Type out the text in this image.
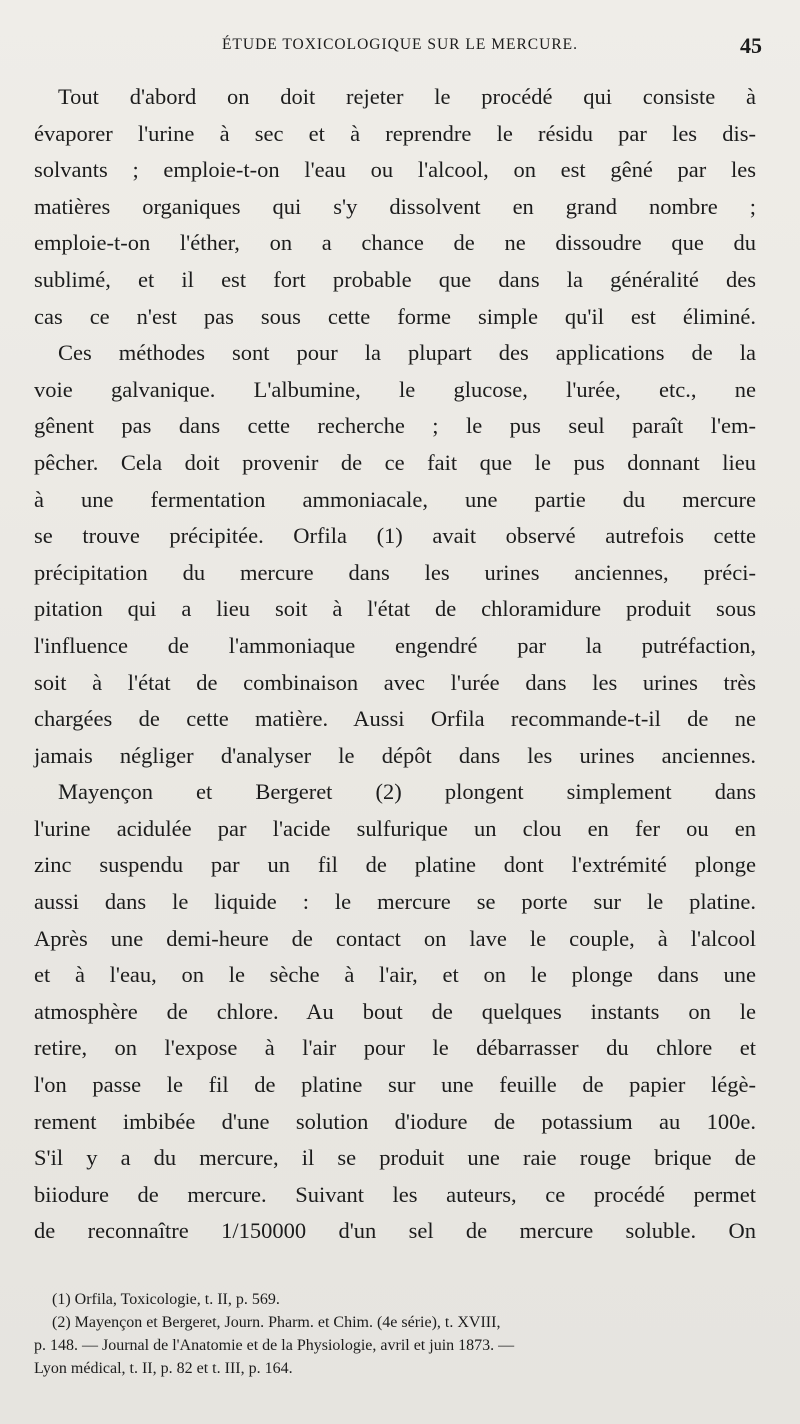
ÉTUDE TOXICOLOGIQUE SUR LE MERCURE.	45
Tout d'abord on doit rejeter le procédé qui consiste à
évaporer l'urine à sec et à reprendre le résidu par les dis-
solvants ; emploie-t-on l'eau ou l'alcool, on est gêné par les
matières organiques qui s'y dissolvent en grand nombre ;
emploie-t-on l'éther, on a chance de ne dissoudre que du
sublimé, et il est fort probable que dans la généralité des
cas ce n'est pas sous cette forme simple qu'il est éliminé.
Ces méthodes sont pour la plupart des applications de la
voie galvanique. L'albumine, le glucose, l'urée, etc., ne
gênent pas dans cette recherche ; le pus seul paraît l'em-
pêcher. Cela doit provenir de ce fait que le pus donnant lieu
à une fermentation ammoniacale, une partie du mercure
se trouve précipitée. Orfila (1) avait observé autrefois cette
précipitation du mercure dans les urines anciennes, préci-
pitation qui a lieu soit à l'état de chloramidure produit sous
l'influence de l'ammoniaque engendré par la putréfaction,
soit à l'état de combinaison avec l'urée dans les urines très
chargées de cette matière. Aussi Orfila recommande-t-il de ne
jamais négliger d'analyser le dépôt dans les urines anciennes.
Mayençon et Bergeret (2) plongent simplement dans
l'urine acidulée par l'acide sulfurique un clou en fer ou en
zinc suspendu par un fil de platine dont l'extrémité plonge
aussi dans le liquide : le mercure se porte sur le platine.
Après une demi-heure de contact on lave le couple, à l'alcool
et à l'eau, on le sèche à l'air, et on le plonge dans une
atmosphère de chlore. Au bout de quelques instants on le
retire, on l'expose à l'air pour le débarrasser du chlore et
l'on passe le fil de platine sur une feuille de papier légè-
rement imbibée d'une solution d'iodure de potassium au 100e.
S'il y a du mercure, il se produit une raie rouge brique de
biiodure de mercure. Suivant les auteurs, ce procédé permet
de reconnaître 1/150000 d'un sel de mercure soluble. On
(1) Orfila, Toxicologie, t. II, p. 569.
(2) Mayençon et Bergeret, Journ. Pharm. et Chim. (4e série), t. XVIII,
p. 148. — Journal de l'Anatomie et de la Physiologie, avril et juin 1873. —
Lyon médical, t. II, p. 82 et t. III, p. 164.
